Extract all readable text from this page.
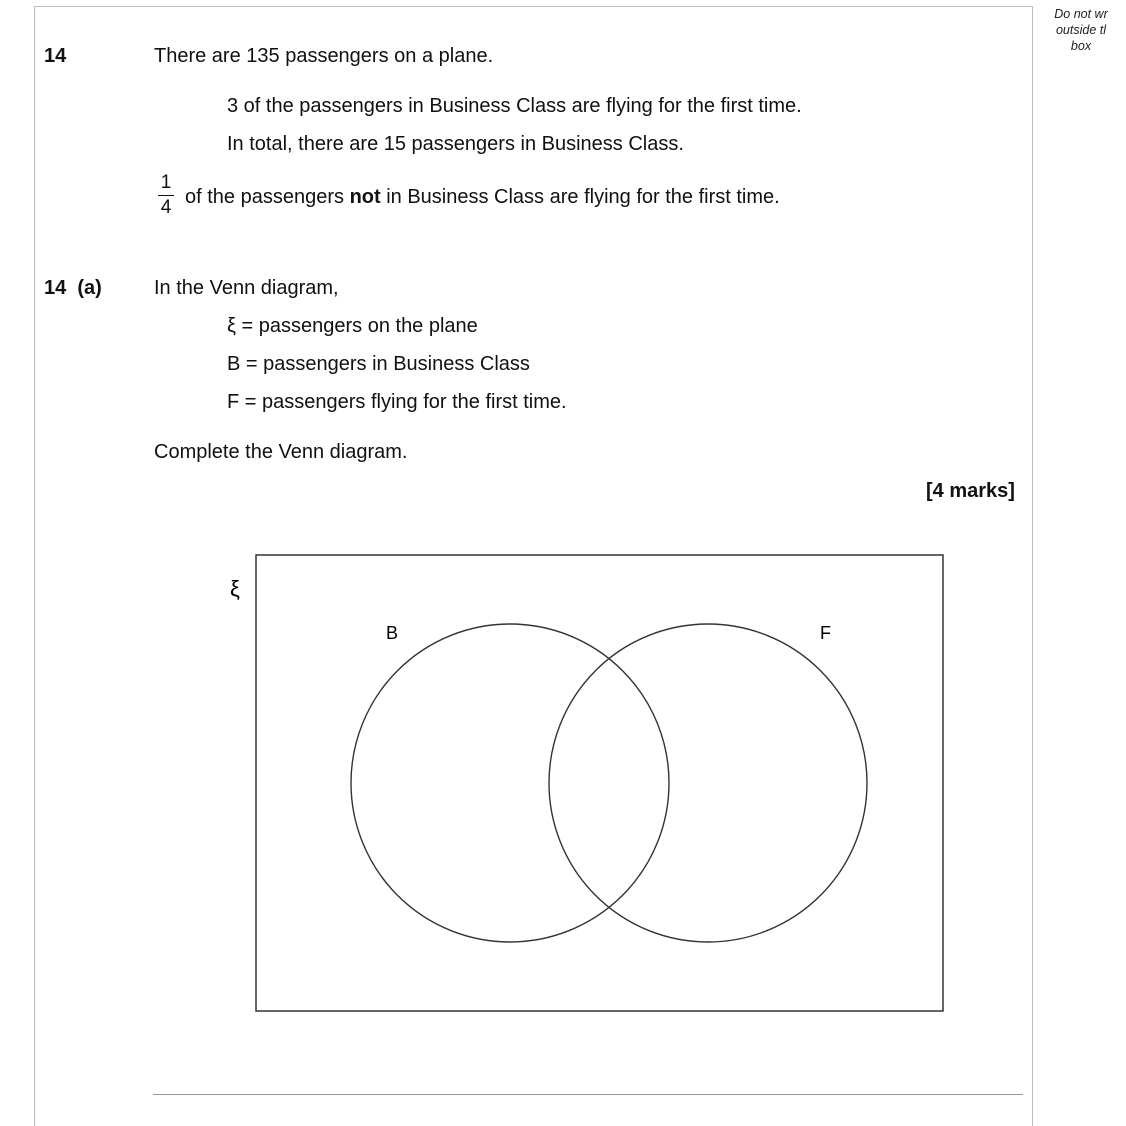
Do not wr
outside tl
box
14	There are 135 passengers on a plane.
3 of the passengers in Business Class are flying for the first time.
In total, there are 15 passengers in Business Class.
1
4 of the passengers not in Business Class are flying for the first time.
14  (a)	In the Venn diagram,
ξ = passengers on the plane
B = passengers in Business Class
F = passengers flying for the first time.
Complete the Venn diagram.
[4 marks]
ξ
B	F
